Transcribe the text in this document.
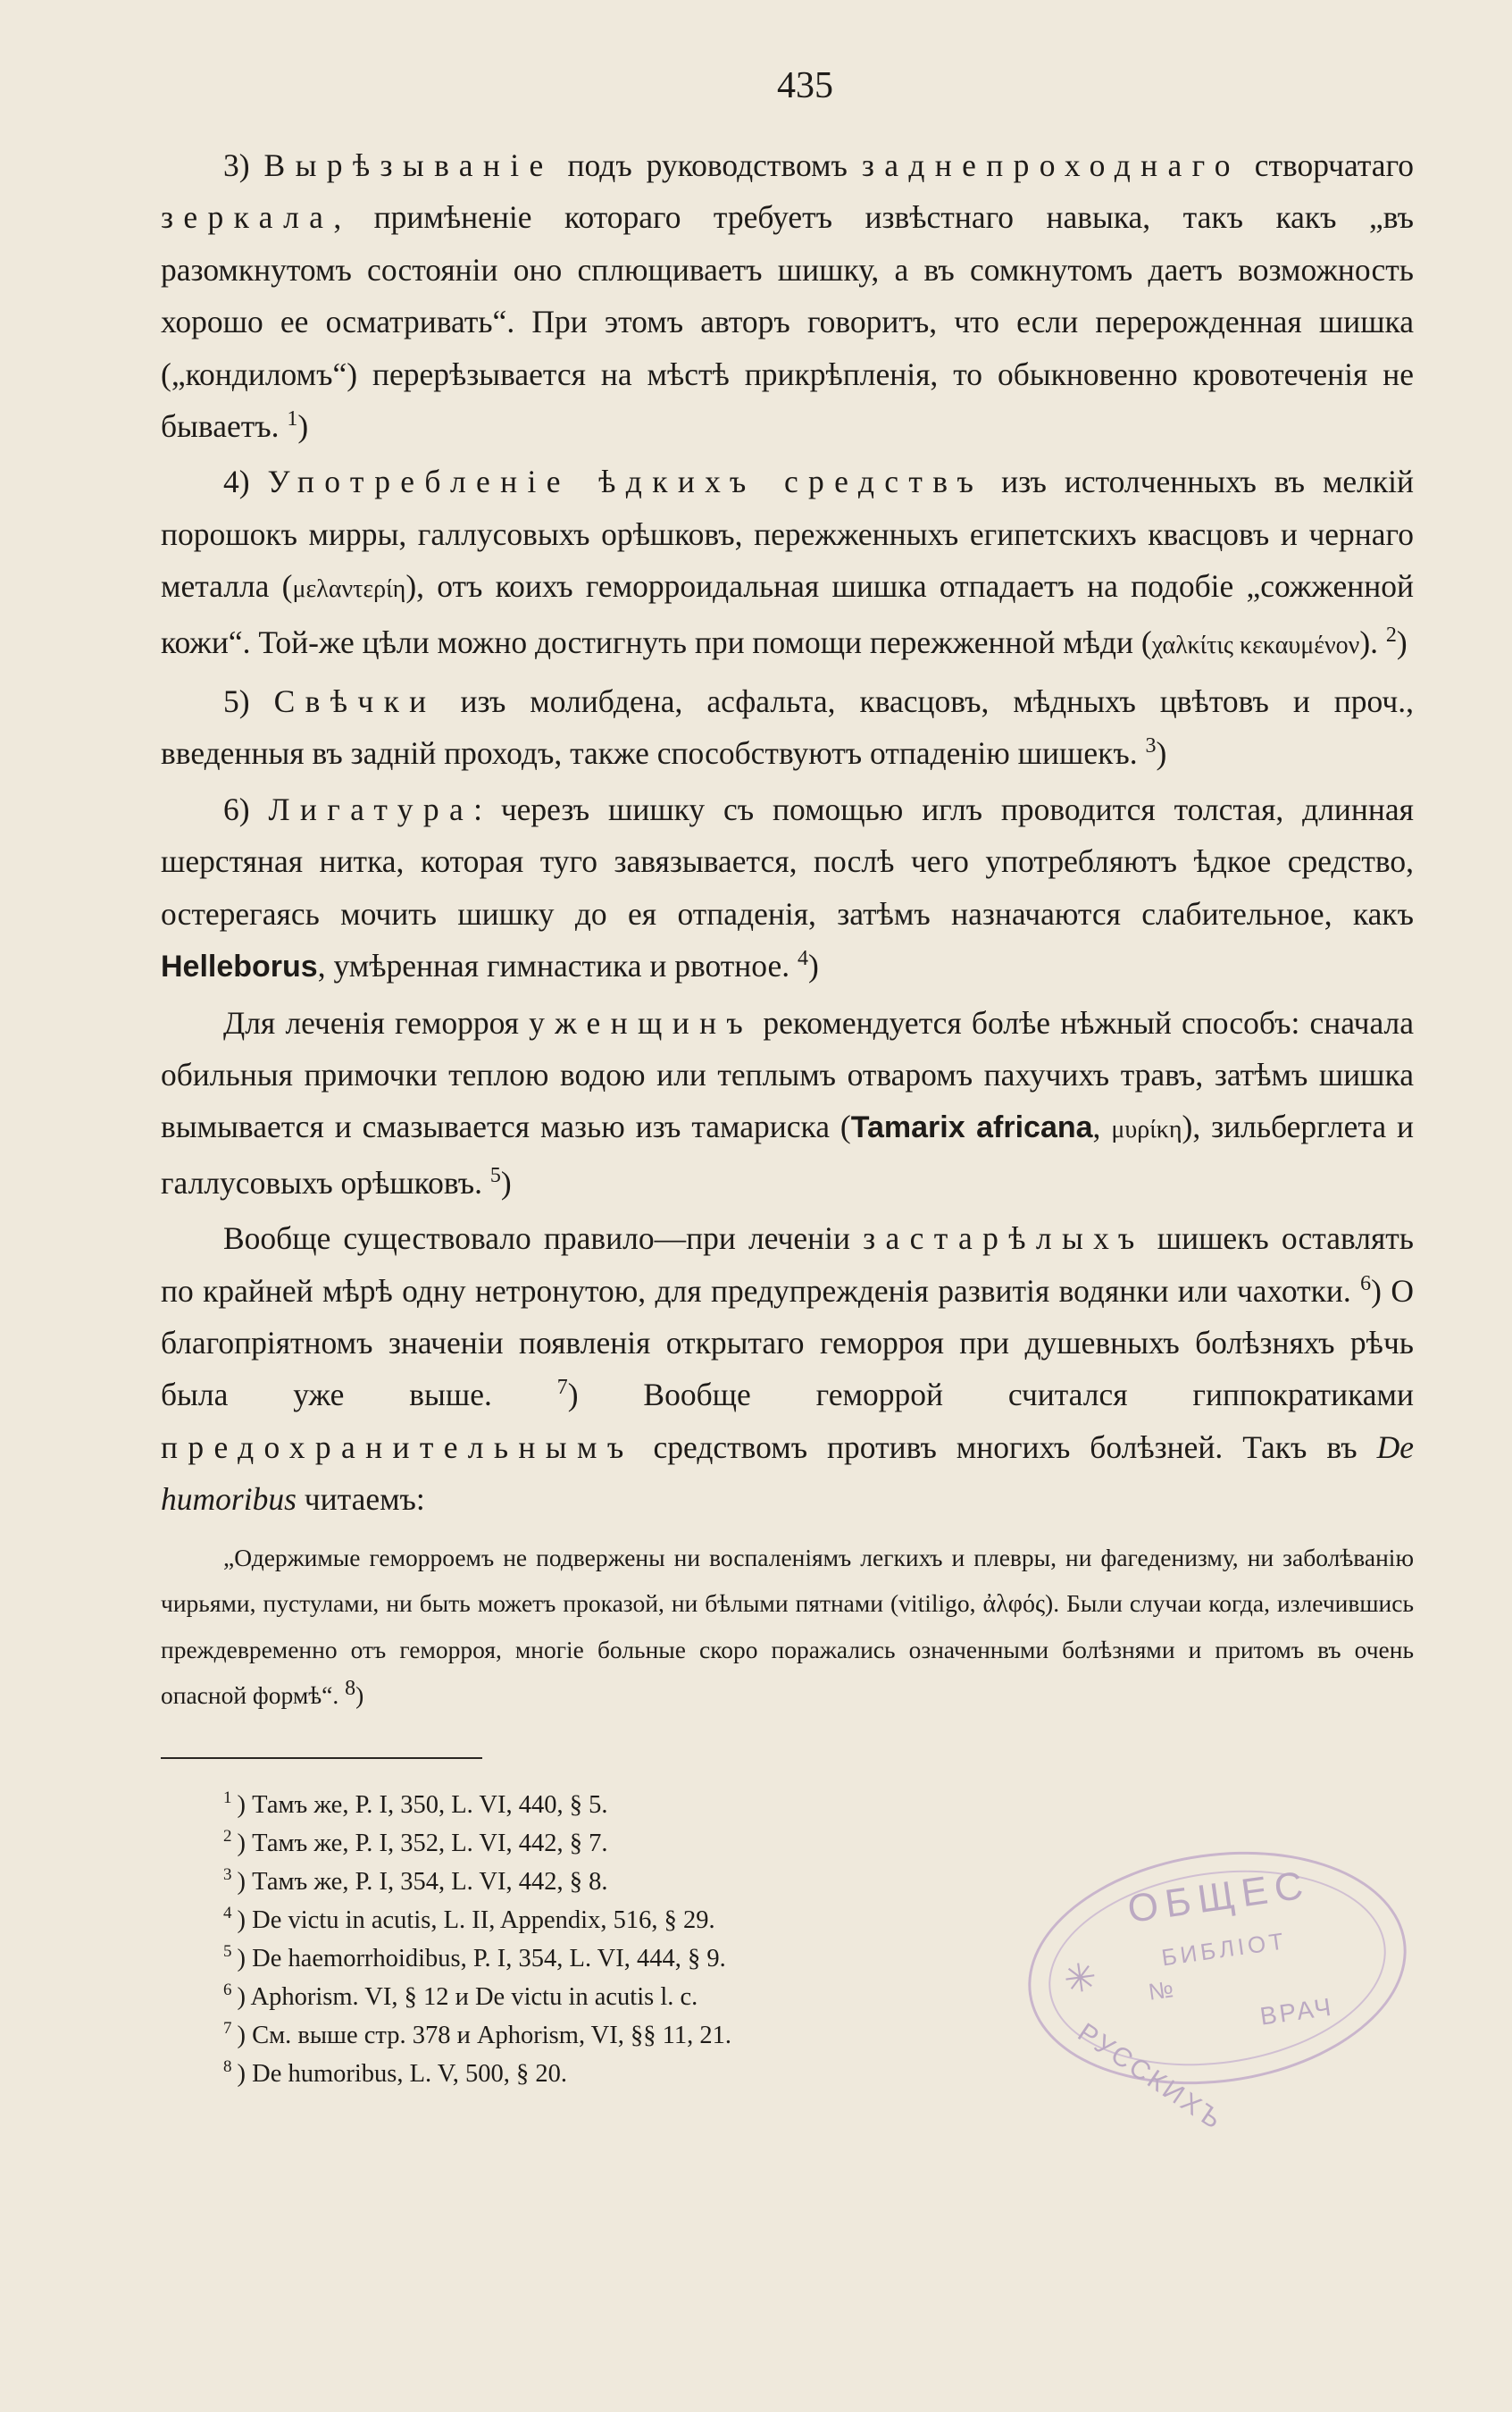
435

3) Вырѣзываніе подъ руководствомъ заднепроходнаго створчатаго зеркала, примѣненіе котораго требуетъ извѣстнаго навыка, такъ какъ „въ разомкнутомъ состояніи оно сплющиваетъ шишку, а въ сомкнутомъ даетъ возможность хорошо ее осматривать“. При этомъ авторъ говоритъ, что если перерожденная шишка („кондиломъ“) перерѣзывается на мѣстѣ прикрѣпленія, то обыкновенно кровотеченія не бываетъ. $^1$)

4) Употребленіе ѣдкихъ средствъ изъ истолченныхъ въ мелкій порошокъ мирры, галлусовыхъ орѣшковъ, пережженныхъ египетскихъ квасцовъ и чернаго металла (μελαντερίη), отъ коихъ геморроидальная шишка отпадаетъ на подобіе „сожженной кожи“. Той-же цѣли можно достигнуть при помощи пережженной мѣди (χαλκίτις κεκαυμένον). $^2$)

5) Свѣчки изъ молибдена, асфальта, квасцовъ, мѣдныхъ цвѣтовъ и проч., введенныя въ задній проходъ, также способствуютъ отпаденію шишекъ. $^3$)

6) Лигатура: черезъ шишку съ помощью иглъ проводится толстая, длинная шерстяная нитка, которая туго завязывается, послѣ чего употребляютъ ѣдкое средство, остерегаясь мочить шишку до ея отпаденія, затѣмъ назначаются слабительное, какъ Helleborus, умѣренная гимнастика и рвотное. $^4$)

Для леченія геморроя у женщинъ рекомендуется болѣе нѣжный способъ: сначала обильныя примочки теплою водою или теплымъ отваромъ пахучихъ травъ, затѣмъ шишка вымывается и смазывается мазью изъ тамариска (Tamarix africana, μυρίκη), зильберглета и галлусовыхъ орѣшковъ. $^5$)

Вообще существовало правило—при леченіи застарѣлыхъ шишекъ оставлять по крайней мѣрѣ одну нетронутою, для предупрежденія развитія водянки или чахотки. $^6$) О благопріятномъ значеніи появленія открытаго геморроя при душевныхъ болѣзняхъ рѣчь была уже выше.	$^7$) Вообще геморрой считался гиппократиками предохранительнымъ средствомъ противъ многихъ болѣзней. Такъ въ De humoribus читаемъ:

„Одержимые геморроемъ не подвержены ни воспаленіямъ легкихъ и плевры, ни фагеденизму, ни заболѣванію чирьями, пустулами, ни быть можетъ проказой, ни бѣлыми пятнами (vitiligo, ἀλφός). Были случаи когда, излечившись преждевременно отъ геморроя, многіе больные скоро поражались означенными болѣзнями и притомъ въ очень опасной формѣ“. 8)

$^1$ ) Тамъ же, P. I, 350, L. VI, 440, § 5.
$^2$ ) Тамъ же, P. I, 352, L. VI, 442, § 7.
$^3$ ) Тамъ же, P. I, 354, L. VI, 442, § 8.
$^4$ ) De victu in acutis, L. II, Appendix, 516, § 29.
$^5$ ) De haemorrhoidibus, P. I, 354, L. VI, 444, § 9.
$^6$ ) Aphorism. VI, § 12 и De victu in acutis l. c.
$^7$ ) См. выше стр. 378 и Aphorism, VI, §§ 11, 21.
$^8$ ) De humoribus, L. V, 500, § 20.
✳
ОБЩЕС
БИБЛІОТ
№
РУССКИХЪ
ВРАЧ
